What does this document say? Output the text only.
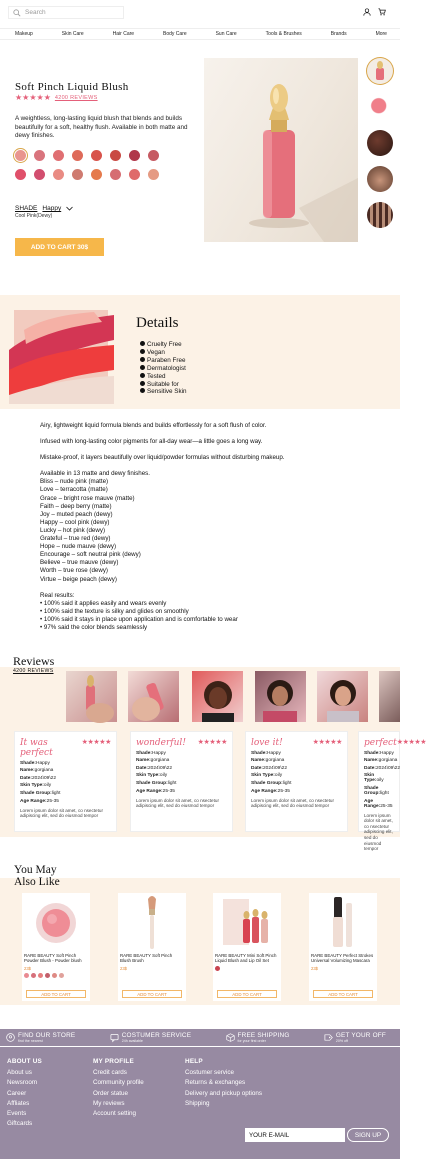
Search
Makeup	Skin Care	Hair Care	Body Care	Sun Care	Tools & Brushes	Brands	More
Soft Pinch Liquid Blush
★★★★★ 4200 REVIEWS
A weightless, long-lasting liquid blush that blends and builds beautifully for a soft, healthy flush. Available in both matte and dewy finishes.
SHADE Happy
Cool Pink(Dewy)
ADD TO CART 30$
Details
Cruelty Free
Vegan
Paraben Free
Dermatologist
Tested
Suitable for
Sensitive Skin

Airy, lightweight liquid formula blends and builds effortlessly for a soft flush of color.

Infused with long-lasting color pigments for all-day wear—a little goes a long way.

Mistake-proof, it layers beautifully over liquid/powder formulas without disturbing makeup.

Available in 13 matte and dewy finishes.
Bliss – nude pink (matte)
Love – terracotta (matte)
Grace – bright rose mauve (matte)
Faith – deep berry (matte)
Joy – muted peach (dewy)
Happy – cool pink (dewy)
Lucky – hot pink (dewy)
Grateful – true red (dewy)
Hope – nude mauve (dewy)
Encourage – soft neutral pink (dewy)
Believe – true mauve (dewy)
Worth – true rose (dewy)
Virtue – beige peach (dewy)
Real results:
• 100% said it applies easily and wears evenly
• 100% said the texture is silky and glides on smoothly
• 100% said it stays in place upon application and is comfortable to wear
• 97% said the color blends seamlessly
Reviews
4200 REVIEWS
It was perfect
★★★★★
Shade:Happy
Name:gorgiana
Date:2024\09\22
Skin Type:oily
Shade Group:light
Age Range:25-35
Lorem ipsum dolor sit amet, co nsectetur adipiscing elit, sed do eiusmod tempor
wonderful! ★★★★★
Shade:Happy
Name:gorgiana
Date:2024\09\22
Skin Type:oily
Shade Group:light
Age Range:25-35
Lorem ipsum dolor sit amet, co nsectetur adipiscing elit, sed do eiusmod tempor
love it!	★★★★★
Shade:Happy
Name:gorgiana
Date:2024\09\22
Skin Type:oily
Shade Group:light
Age Range:25-35
Lorem ipsum dolor sit amet, co nsectetur adipiscing elit, sed do eiusmod tempor
perfect ★★★★★
Shade:Happy
Name:gorgiana
Date:2024\09\22
Skin Type:oily
Shade Group:light
Age Range:25-35
Lorem ipsum dolor sit amet, co nsectetur adipiscing elit, sed do eiusmod tempor
You May
Also Like
RARE BEAUTY Soft Pinch Powder Blush - Powder blush
23$
ADD TO CART
RARE BEAUTY Soft Pinch Blush Brush
23$
ADD TO CART
RARE BEAUTY Mini Soft Pinch Liquid Blush and Lip Oil Set
ADD TO CART
RARE BEAUTY Perfect Strokes Universal Volumizing Mascara
23$
ADD TO CART
FIND OUR STORE
find the nearest
COSTUMER SERVICE
24h available
FREE SHIPPING
for your first order
GET YOUR OFF
20% off
ABOUT US
About us
Newsroom
Career
Affliates
Events
Giftcards
MY PROFILE
Credit cards
Community profile
Order statue
My reviews
Account setting
HELP
Costumer service
Returns & exchanges
Delivery and pickup options
Shipping
YOUR E-MAIL	SIGN UP
